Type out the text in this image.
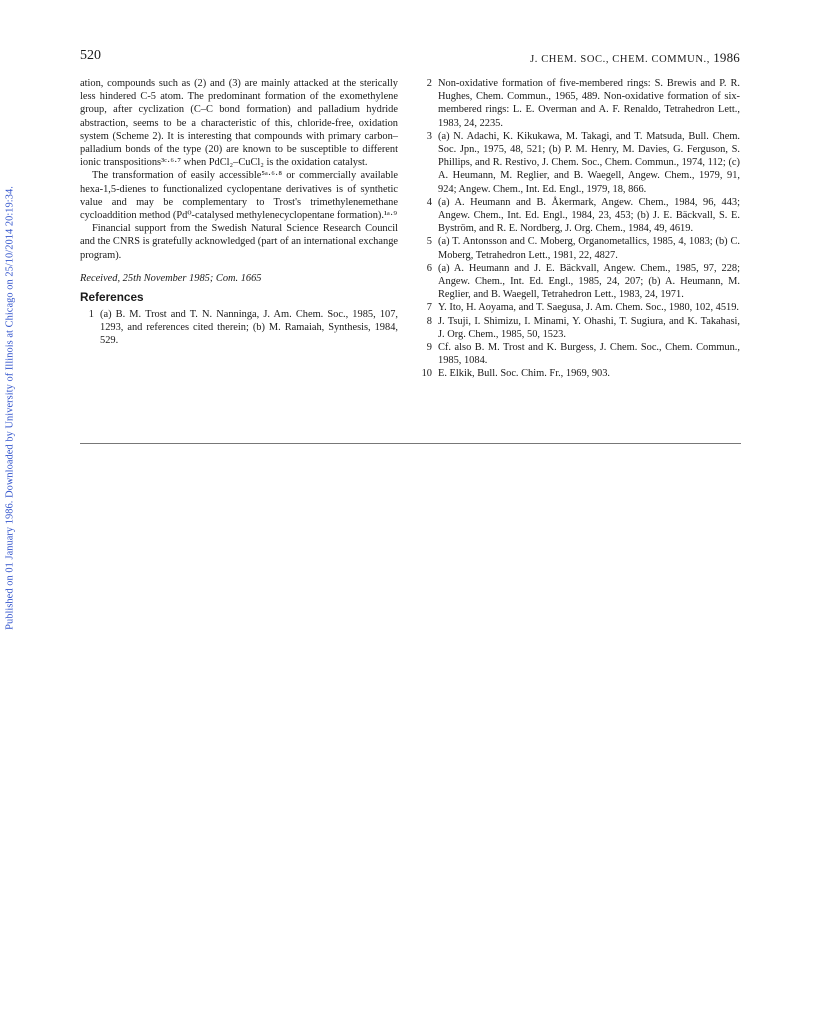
Published on 01 January 1986. Downloaded by University of Illinois at Chicago on 25/10/2014 20:19:34.
520	J. CHEM. SOC., CHEM. COMMUN., 1986

ation, compounds such as (2) and (3) are mainly attacked at the sterically less hindered C-5 atom. The predominant formation of the exomethylene group, after cyclization (C–C bond formation) and palladium hydride abstraction, seems to be a characteristic of this, chloride-free, oxidation system (Scheme 2). It is interesting that compounds with primary carbon–palladium bonds of the type (20) are known to be susceptible to different ionic transpositions³ᶜ·⁶·⁷ when PdCl₂–CuCl₂ is the oxidation catalyst.

The transformation of easily accessible⁵ᵃ·⁶·⁸ or commercially available hexa-1,5-dienes to functionalized cyclopentane derivatives is of synthetic value and may be complementary to Trost's trimethylenemethane cycloaddition method (Pd⁰-catalysed methylenecyclopentane formation).¹ᵃ·⁹

Financial support from the Swedish Natural Science Research Council and the CNRS is gratefully acknowledged (part of an international exchange program).

Received, 25th November 1985; Com. 1665

References

1 (a) B. M. Trost and T. N. Nanninga, J. Am. Chem. Soc., 1985, 107, 1293, and references cited therein; (b) M. Ramaiah, Synthesis, 1984, 529.

2 Non-oxidative formation of five-membered rings: S. Brewis and P. R. Hughes, Chem. Commun., 1965, 489. Non-oxidative formation of six-membered rings: L. E. Overman and A. F. Renaldo, Tetrahedron Lett., 1983, 24, 2235.

3 (a) N. Adachi, K. Kikukawa, M. Takagi, and T. Matsuda, Bull. Chem. Soc. Jpn., 1975, 48, 521; (b) P. M. Henry, M. Davies, G. Ferguson, S. Phillips, and R. Restivo, J. Chem. Soc., Chem. Commun., 1974, 112; (c) A. Heumann, M. Reglier, and B. Waegell, Angew. Chem., 1979, 91, 924; Angew. Chem., Int. Ed. Engl., 1979, 18, 866.

4 (a) A. Heumann and B. Åkermark, Angew. Chem., 1984, 96, 443; Angew. Chem., Int. Ed. Engl., 1984, 23, 453; (b) J. E. Bäckvall, S. E. Byström, and R. E. Nordberg, J. Org. Chem., 1984, 49, 4619.

5 (a) T. Antonsson and C. Moberg, Organometallics, 1985, 4, 1083; (b) C. Moberg, Tetrahedron Lett., 1981, 22, 4827.

6 (a) A. Heumann and J. E. Bäckvall, Angew. Chem., 1985, 97, 228; Angew. Chem., Int. Ed. Engl., 1985, 24, 207; (b) A. Heumann, M. Reglier, and B. Waegell, Tetrahedron Lett., 1983, 24, 1971.

7 Y. Ito, H. Aoyama, and T. Saegusa, J. Am. Chem. Soc., 1980, 102, 4519.

8 J. Tsuji, I. Shimizu, I. Minami, Y. Ohashi, T. Sugiura, and K. Takahasi, J. Org. Chem., 1985, 50, 1523.

9 Cf. also B. M. Trost and K. Burgess, J. Chem. Soc., Chem. Commun., 1985, 1084.

10 E. Elkik, Bull. Soc. Chim. Fr., 1969, 903.
